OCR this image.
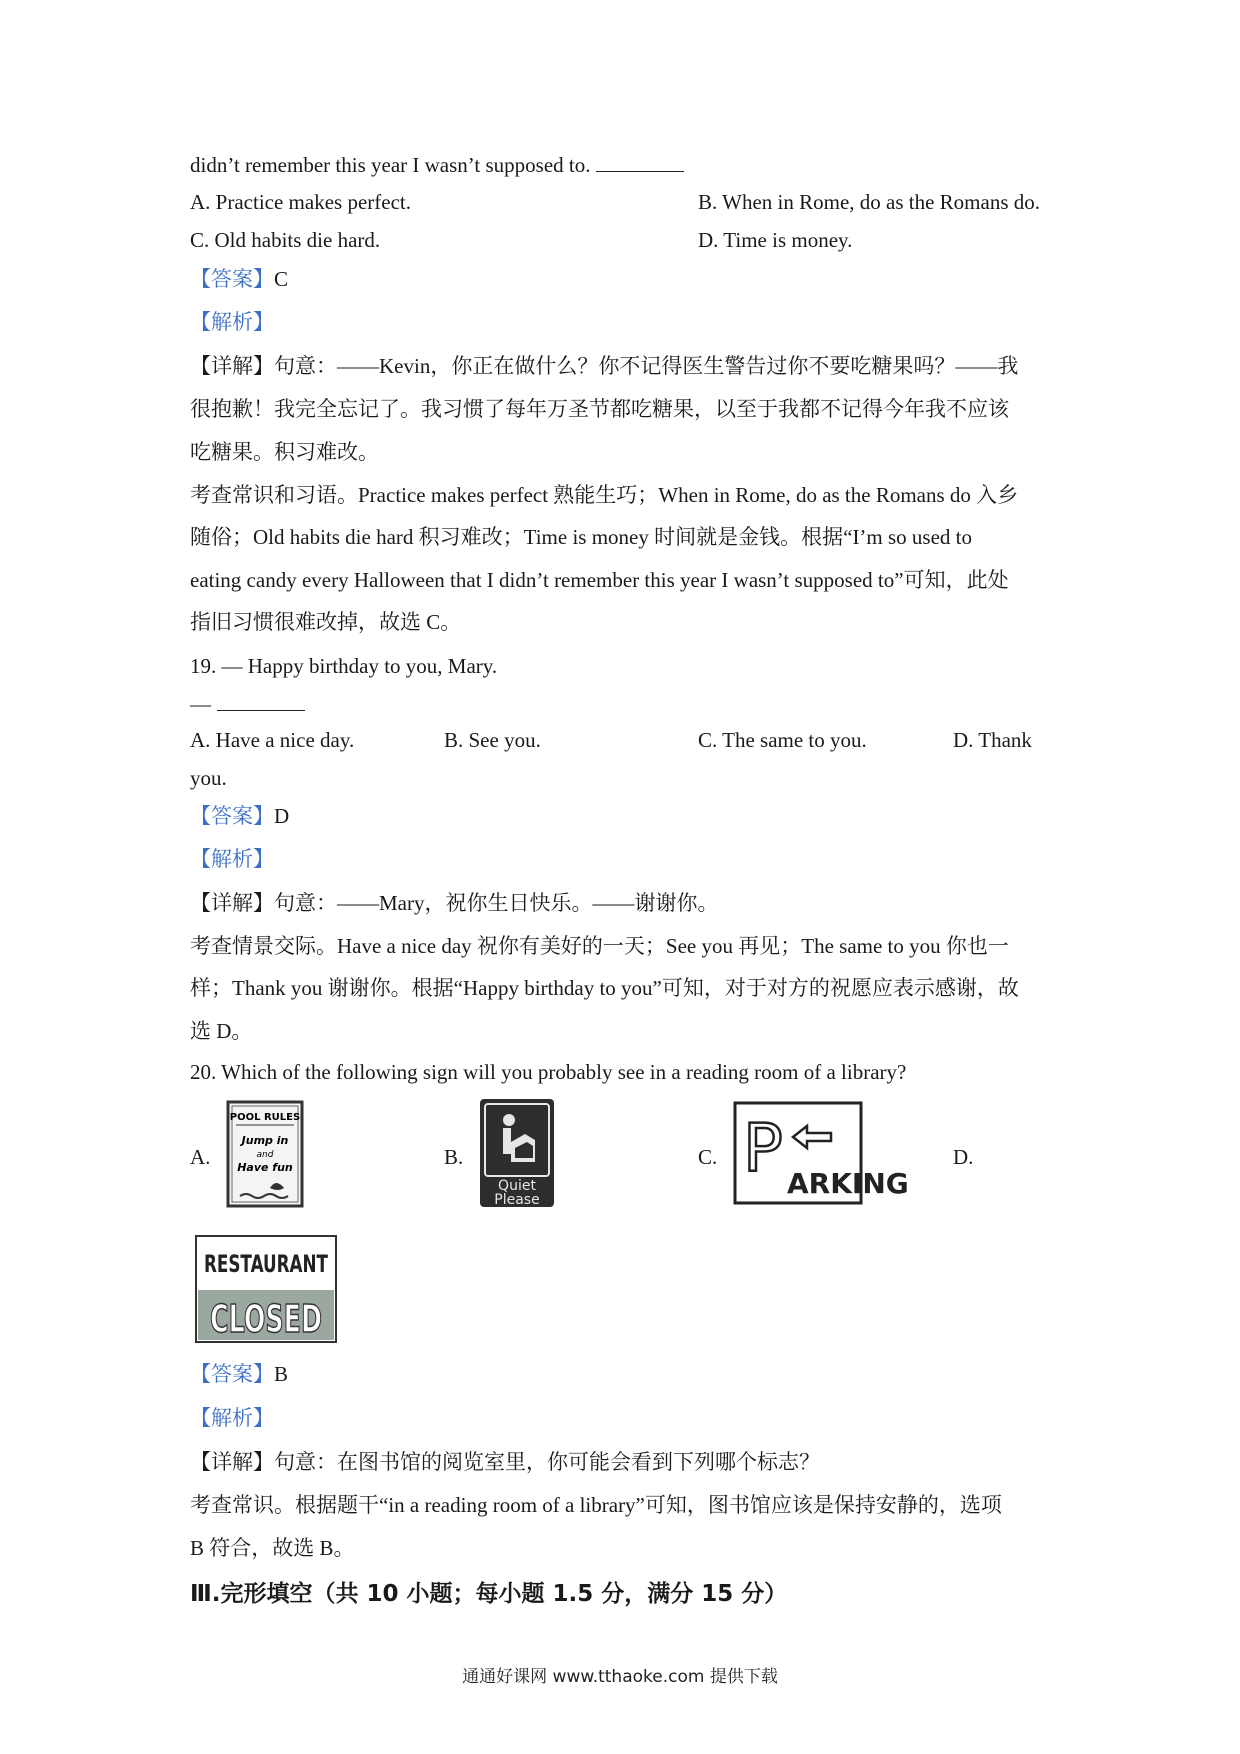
didn’t remember this year I wasn’t supposed to.
A. Practice makes perfect.	B. When in Rome, do as the Romans do.
C. Old habits die hard.	D. Time is money.
【答案】C
【解析】
【详解】句意：——Kevin，你正在做什么？你不记得医生警告过你不要吃糖果吗？——我
很抱歉！我完全忘记了。我习惯了每年万圣节都吃糖果，以至于我都不记得今年我不应该
吃糖果。积习难改。
考查常识和习语。Practice makes perfect 熟能生巧；When in Rome, do as the Romans do 入乡
随俗；Old habits die hard 积习难改；Time is money 时间就是金钱。根据“I’m so used to
eating candy every Halloween that I didn’t remember this year I wasn’t supposed to”可知，此处
指旧习惯很难改掉，故选 C。
19. — Happy birthday to you, Mary.
—
A. Have a nice day.	B. See you.	C. The same to you.	D. Thank
you.
【答案】D
【解析】
【详解】句意：——Mary，祝你生日快乐。——谢谢你。
考查情景交际。Have a nice day 祝你有美好的一天；See you 再见；The same to you 你也一
样；Thank you 谢谢你。根据“Happy birthday to you”可知，对于对方的祝愿应表示感谢，故
选 D。
20. Which of the following sign will you probably see in a reading room of a library?
A.
POOL RULES
Jump in
and
Have fun	B.
Quiet
Please
C. P ARKING
D.
RESTAURANT
CLOSED
【答案】B
【解析】
【详解】句意：在图书馆的阅览室里，你可能会看到下列哪个标志？
考查常识。根据题干“in a reading room of a library”可知，图书馆应该是保持安静的，选项
B 符合，故选 B。
Ⅲ.完形填空（共 10 小题；每小题 1.5 分，满分 15 分）
通通好课网 www.tthaoke.com 提供下载
